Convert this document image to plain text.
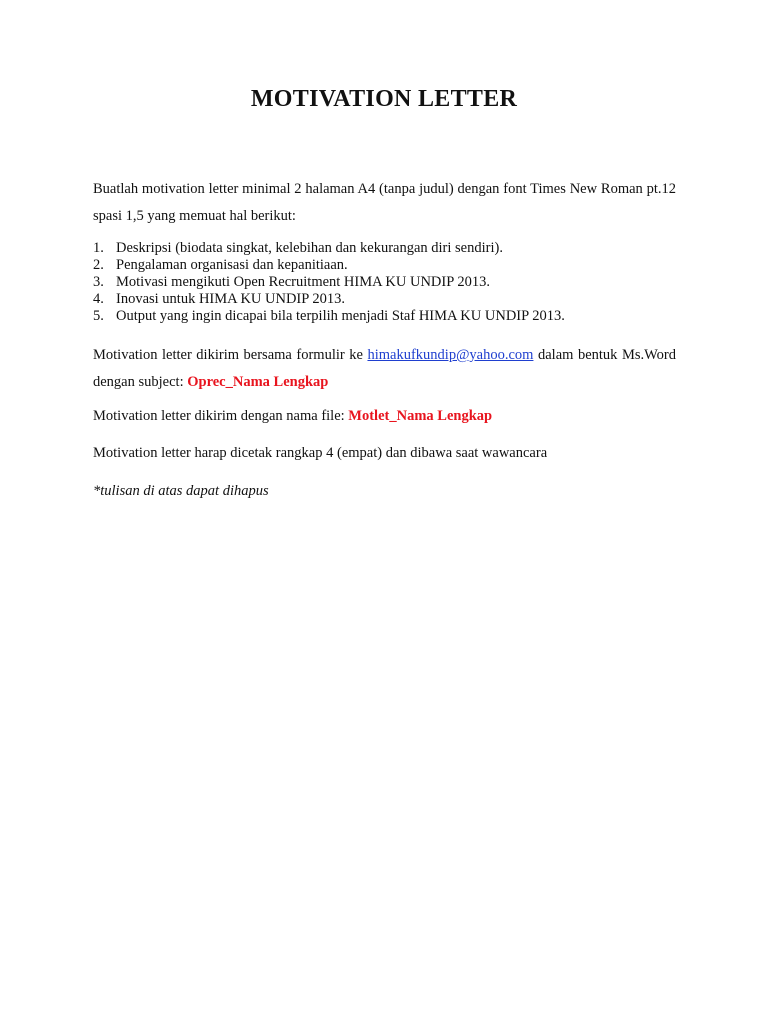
MOTIVATION LETTER

Buatlah motivation letter minimal 2 halaman A4 (tanpa judul) dengan font Times New Roman pt.12 spasi 1,5 yang memuat hal berikut:

1. Deskripsi (biodata singkat, kelebihan dan kekurangan diri sendiri).
2. Pengalaman organisasi dan kepanitiaan.
3. Motivasi mengikuti Open Recruitment HIMA KU UNDIP 2013.
4. Inovasi untuk HIMA KU UNDIP 2013.
5. Output yang ingin dicapai bila terpilih menjadi Staf HIMA KU UNDIP 2013.

Motivation letter dikirim bersama formulir ke himakufkundip@yahoo.com dalam bentuk Ms.Word dengan subject: Oprec_Nama Lengkap

Motivation letter dikirim dengan nama file: Motlet_Nama Lengkap

Motivation letter harap dicetak rangkap 4 (empat) dan dibawa saat wawancara

*tulisan di atas dapat dihapus
